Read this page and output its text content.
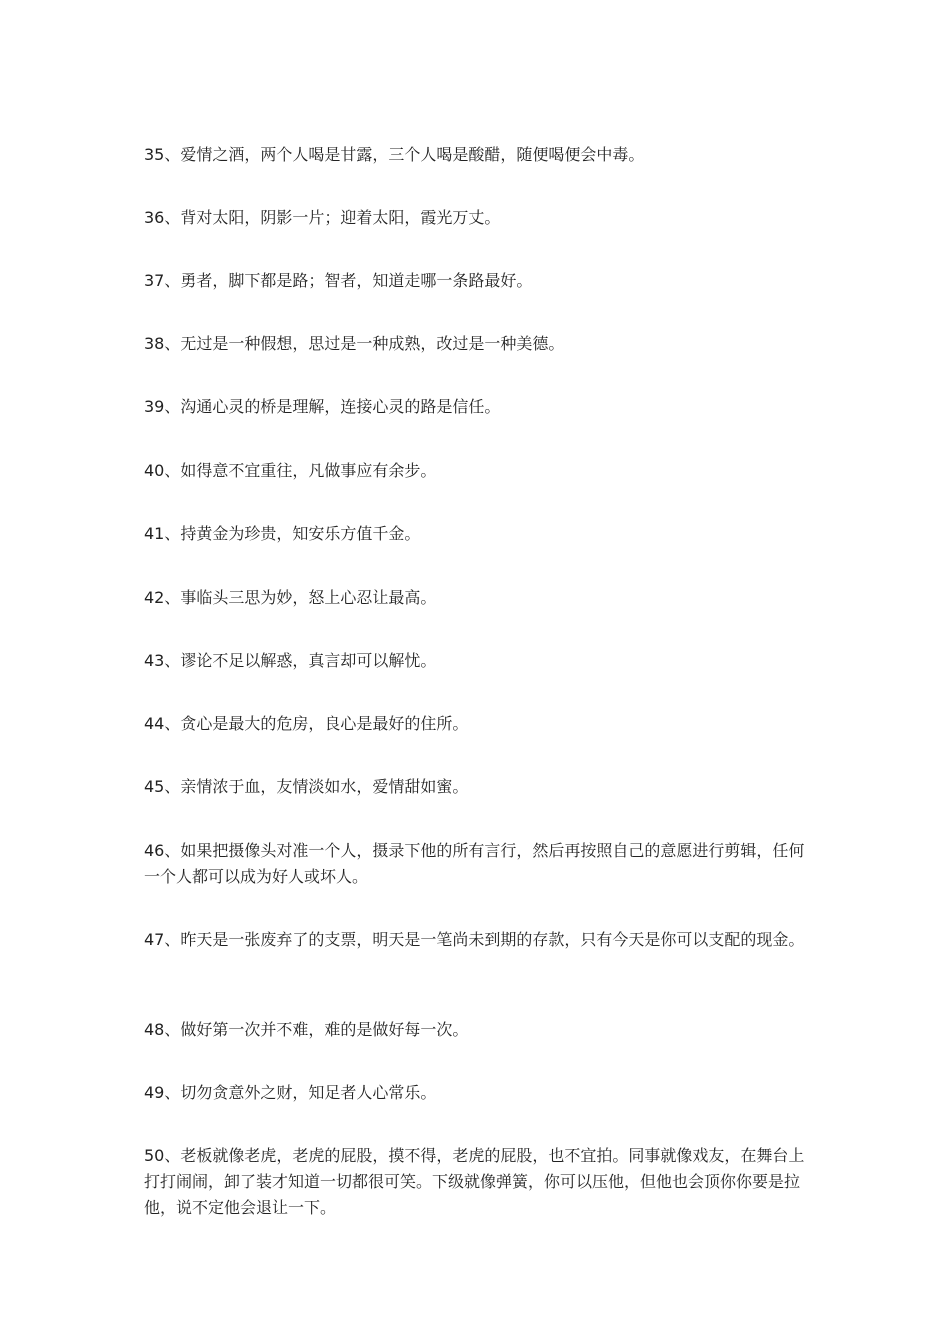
35、爱情之酒，两个人喝是甘露，三个人喝是酸醋，随便喝便会中毒。

36、背对太阳，阴影一片；迎着太阳，霞光万丈。

37、勇者，脚下都是路；智者，知道走哪一条路最好。

38、无过是一种假想，思过是一种成熟，改过是一种美德。

39、沟通心灵的桥是理解，连接心灵的路是信任。

40、如得意不宜重往，凡做事应有余步。

41、持黄金为珍贵，知安乐方值千金。

42、事临头三思为妙，怒上心忍让最高。

43、谬论不足以解惑，真言却可以解忧。

44、贪心是最大的危房，良心是最好的住所。

45、亲情浓于血，友情淡如水，爱情甜如蜜。

46、如果把摄像头对准一个人，摄录下他的所有言行，然后再按照自己的意愿进行剪辑，任何一个人都可以成为好人或坏人。

47、昨天是一张废弃了的支票，明天是一笔尚未到期的存款，只有今天是你可以支配的现金。

48、做好第一次并不难，难的是做好每一次。

49、切勿贪意外之财，知足者人心常乐。

50、老板就像老虎，老虎的屁股，摸不得，老虎的屁股，也不宜拍。同事就像戏友，在舞台上打打闹闹，卸了装才知道一切都很可笑。下级就像弹簧，你可以压他，但他也会顶你你要是拉他，说不定他会退让一下。
